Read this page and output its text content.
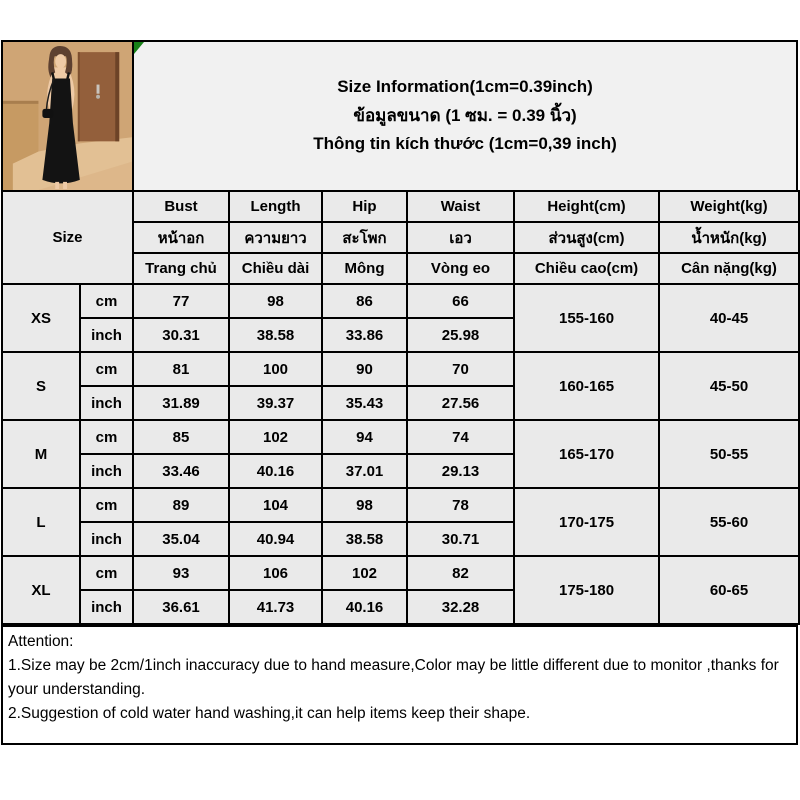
Size Information(1cm=0.39inch)
ข้อมูลขนาด (1 ซม. = 0.39 นิ้ว)
Thông tin kích thước (1cm=0,39 inch)
Size		Bust	Length	Hip	Waist	Height(cm)	Weight(kg)
		หน้าอก	ความยาว	สะโพก	เอว	ส่วนสูง(cm)	น้ำหนัก(kg)
		Trang chủ	Chiều dài	Mông	Vòng eo	Chiều cao(cm)	Cân nặng(kg)
XS	cm	77	98	86	66	155-160	40-45
	inch	30.31	38.58	33.86	25.98		
S	cm	81	100	90	70	160-165	45-50
	inch	31.89	39.37	35.43	27.56		
M	cm	85	102	94	74	165-170	50-55
	inch	33.46	40.16	37.01	29.13		
L	cm	89	104	98	78	170-175	55-60
	inch	35.04	40.94	38.58	30.71		
XL	cm	93	106	102	82	175-180	60-65
	inch	36.61	41.73	40.16	32.28		

Attention:

1.Size may be 2cm/1inch inaccuracy due to hand measure,Color may be little different due to monitor ,thanks for your understanding.

2.Suggestion of cold water hand washing,it can help items keep their shape.
